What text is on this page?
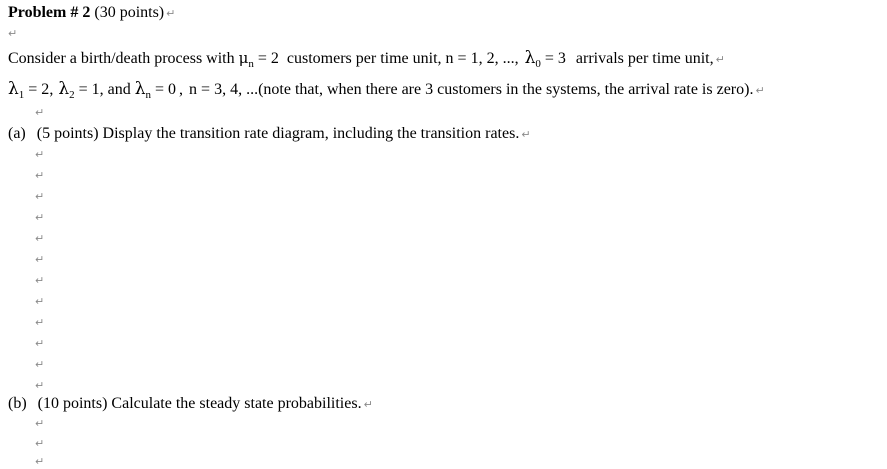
Problem # 2 (30 points) ↵
↵
Consider a birth/death process with $\mu_n = 2$ customers per time unit, n = 1, 2, ..., $\lambda_0 = 3$ arrivals per time unit, ↵
$\lambda_1 = 2$, $\lambda_2 = 1$, and $\lambda_n = 0$ , n = 3, 4, ...(note that, when there are 3 customers in the systems, the arrival rate is zero). ↵
↵
(a) (5 points) Display the transition rate diagram, including the transition rates. ↵
↵
↵
↵
↵
↵
↵
↵
↵
↵
↵
↵
↵
(b) (10 points) Calculate the steady state probabilities. ↵
↵
↵
↵
